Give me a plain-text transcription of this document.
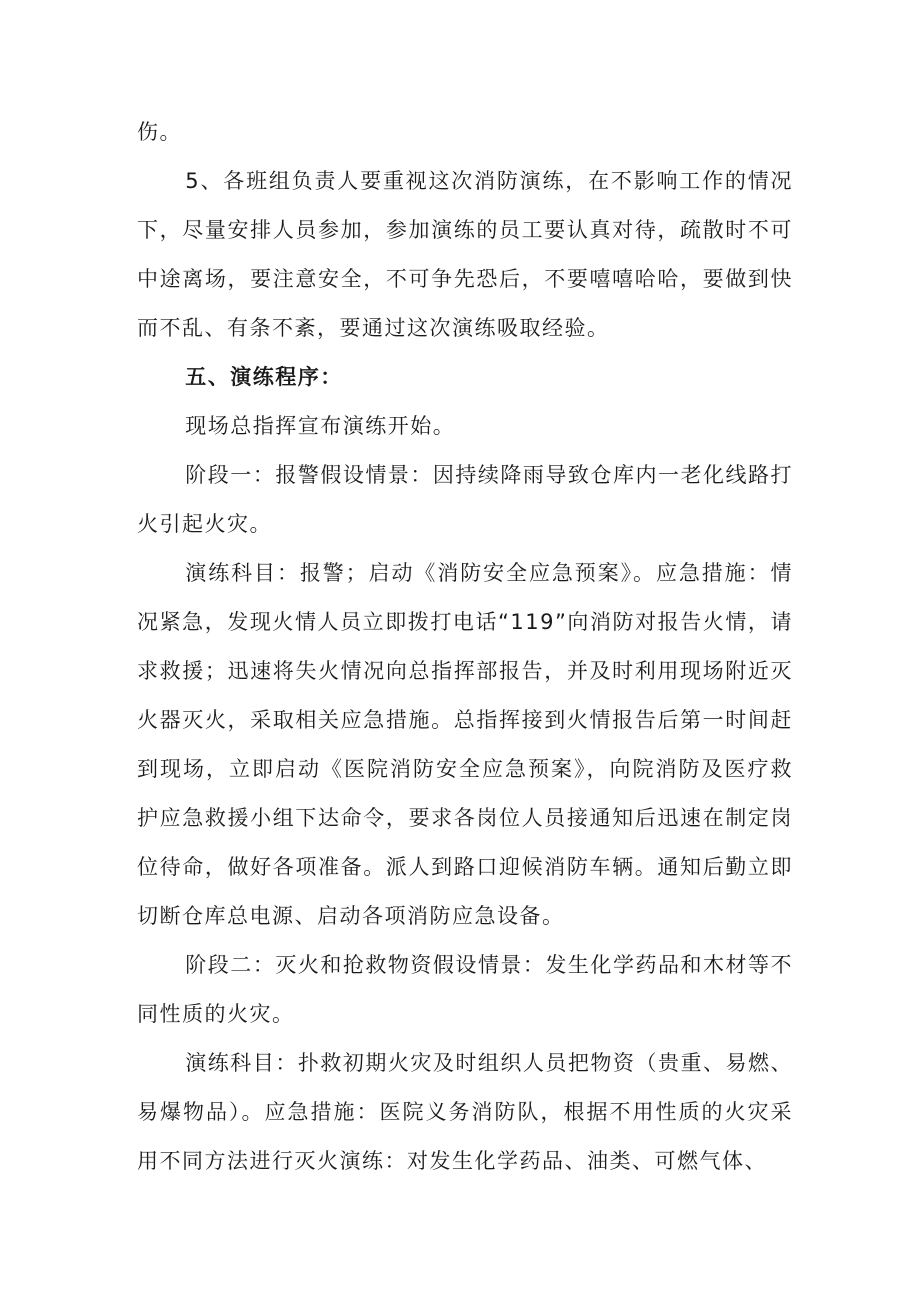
伤。

5、各班组负责人要重视这次消防演练，在不影响工作的情况下，尽量安排人员参加，参加演练的员工要认真对待，疏散时不可中途离场，要注意安全，不可争先恐后，不要嘻嘻哈哈，要做到快而不乱、有条不紊，要通过这次演练吸取经验。

五、演练程序：

现场总指挥宣布演练开始。

阶段一：报警假设情景：因持续降雨导致仓库内一老化线路打火引起火灾。

演练科目：报警；启动《消防安全应急预案》。应急措施：情况紧急，发现火情人员立即拨打电话“119”向消防对报告火情，请求救援；迅速将失火情况向总指挥部报告，并及时利用现场附近灭火器灭火，采取相关应急措施。总指挥接到火情报告后第一时间赶到现场，立即启动《医院消防安全应急预案》，向院消防及医疗救护应急救援小组下达命令，要求各岗位人员接通知后迅速在制定岗位待命，做好各项准备。派人到路口迎候消防车辆。通知后勤立即切断仓库总电源、启动各项消防应急设备。

阶段二：灭火和抢救物资假设情景：发生化学药品和木材等不同性质的火灾。

演练科目：扑救初期火灾及时组织人员把物资（贵重、易燃、易爆物品）。应急措施：医院义务消防队，根据不用性质的火灾采用不同方法进行灭火演练：对发生化学药品、油类、可燃气体、
